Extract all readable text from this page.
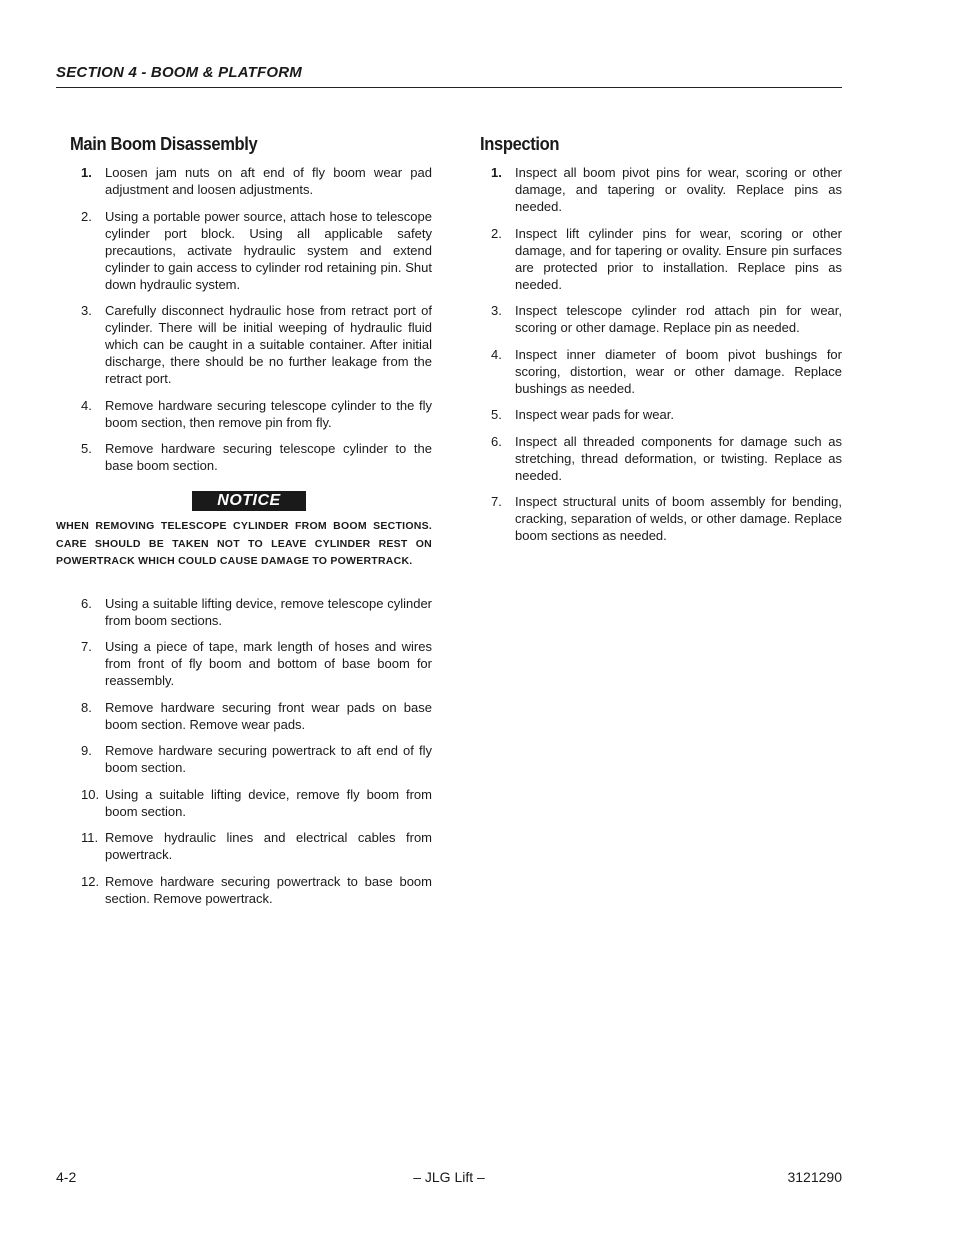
SECTION 4 - BOOM & PLATFORM
Main Boom Disassembly
1.	Loosen jam nuts on aft end of fly boom wear pad adjustment and loosen adjustments.
2.	Using a portable power source, attach hose to telescope cylinder port block. Using all applicable safety precautions, activate hydraulic system and extend cylinder to gain access to cylinder rod retaining pin. Shut down hydraulic system.
3.	Carefully disconnect hydraulic hose from retract port of cylinder. There will be initial weeping of hydraulic fluid which can be caught in a suitable container. After initial discharge, there should be no further leakage from the retract port.
4.	Remove hardware securing telescope cylinder to the fly boom section, then remove pin from fly.
5.	Remove hardware securing telescope cylinder to the base boom section.
NOTICE
WHEN REMOVING TELESCOPE CYLINDER FROM BOOM SECTIONS. CARE SHOULD BE TAKEN NOT TO LEAVE CYLINDER REST ON POWERTRACK WHICH COULD CAUSE DAMAGE TO POWERTRACK.
6.	Using a suitable lifting device, remove telescope cylinder from boom sections.
7.	Using a piece of tape, mark length of hoses and wires from front of fly boom and bottom of base boom for reassembly.
8.	Remove hardware securing front wear pads on base boom section. Remove wear pads.
9.	Remove hardware securing powertrack to aft end of fly boom section.
10. Using a suitable lifting device, remove fly boom from boom section.
11. Remove hydraulic lines and electrical cables from powertrack.
12. Remove hardware securing powertrack to base boom section. Remove powertrack.
Inspection
1.	Inspect all boom pivot pins for wear, scoring or other damage, and tapering or ovality. Replace pins as needed.
2.	Inspect lift cylinder pins for wear, scoring or other damage, and for tapering or ovality. Ensure pin surfaces are protected prior to installation. Replace pins as needed.
3.	Inspect telescope cylinder rod attach pin for wear, scoring or other damage. Replace pin as needed.
4.	Inspect inner diameter of boom pivot bushings for scoring, distortion, wear or other damage. Replace bushings as needed.
5.	Inspect wear pads for wear.
6.	Inspect all threaded components for damage such as stretching, thread deformation, or twisting. Replace as needed.
7.	Inspect structural units of boom assembly for bending, cracking, separation of welds, or other damage. Replace boom sections as needed.
4-2	– JLG Lift –	3121290
